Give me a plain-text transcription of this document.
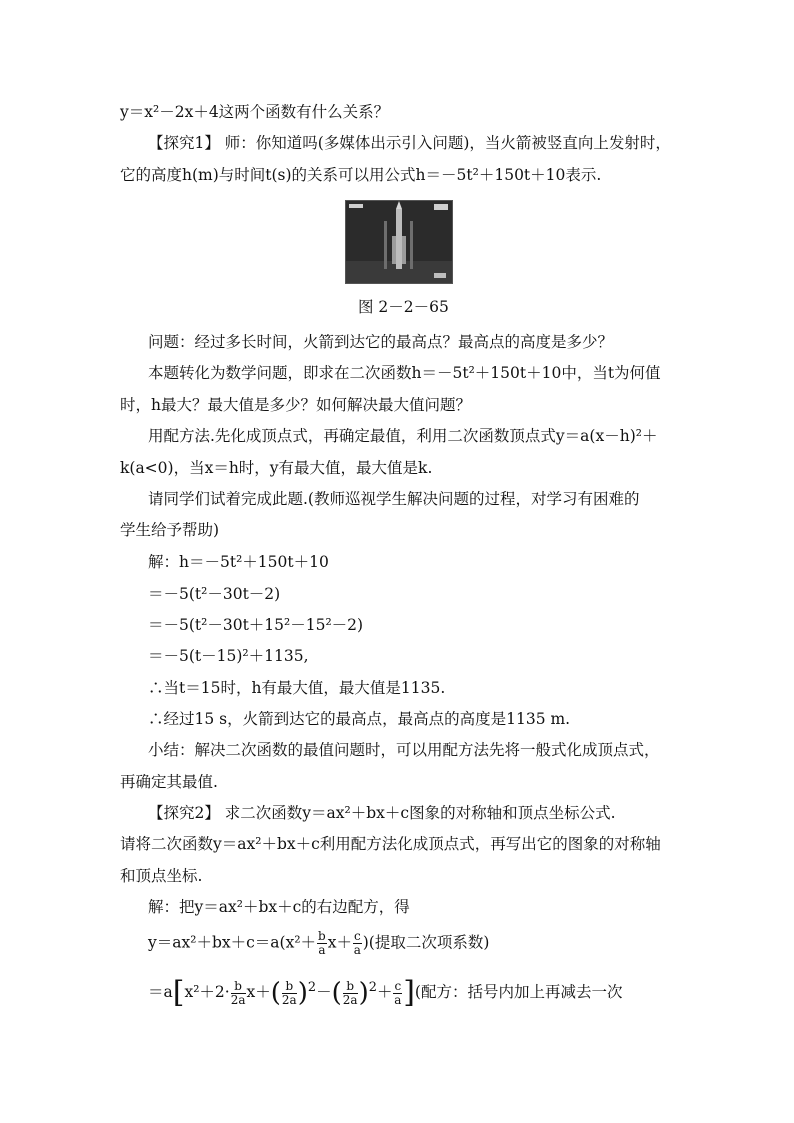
y＝x²－2x＋4这两个函数有什么关系？
【探究1】 师：你知道吗(多媒体出示引入问题)，当火箭被竖直向上发射时，
它的高度h(m)与时间t(s)的关系可以用公式h＝－5t²＋150t＋10表示.
图 2－2－65
问题：经过多长时间，火箭到达它的最高点？最高点的高度是多少？
本题转化为数学问题，即求在二次函数h＝－5t²＋150t＋10中，当t为何值
时，h最大？最大值是多少？如何解决最大值问题？
用配方法.先化成顶点式，再确定最值，利用二次函数顶点式y＝a(x－h)²＋
k(a<0)，当x＝h时，y有最大值，最大值是k.
请同学们试着完成此题.(教师巡视学生解决问题的过程，对学习有困难的
学生给予帮助)
解：h＝－5t²＋150t＋10
＝－5(t²－30t－2)
＝－5(t²－30t＋15²－15²－2)
＝－5(t－15)²＋1135,
∴当t＝15时，h有最大值，最大值是1135.
∴经过15 s，火箭到达它的最高点，最高点的高度是1135 m.
小结：解决二次函数的最值问题时，可以用配方法先将一般式化成顶点式，
再确定其最值.
【探究2】 求二次函数y＝ax²＋bx＋c图象的对称轴和顶点坐标公式.
请将二次函数y＝ax²＋bx＋c利用配方法化成顶点式，再写出它的图象的对称轴
和顶点坐标.
解：把y＝ax²＋bx＋c的右边配方，得
$y=ax^2+bx+c=a(x^2+ \frac{b}{a} x+ \frac{c}{a}$ )(提取二次项系数)
$=a[x^2+2\cdot \frac{b}{2a} x+( \frac{b}{2a} )^2-( \frac{b}{2a} )^2+ \frac{c}{a}$ ](配方：括号内加上再减去一次
